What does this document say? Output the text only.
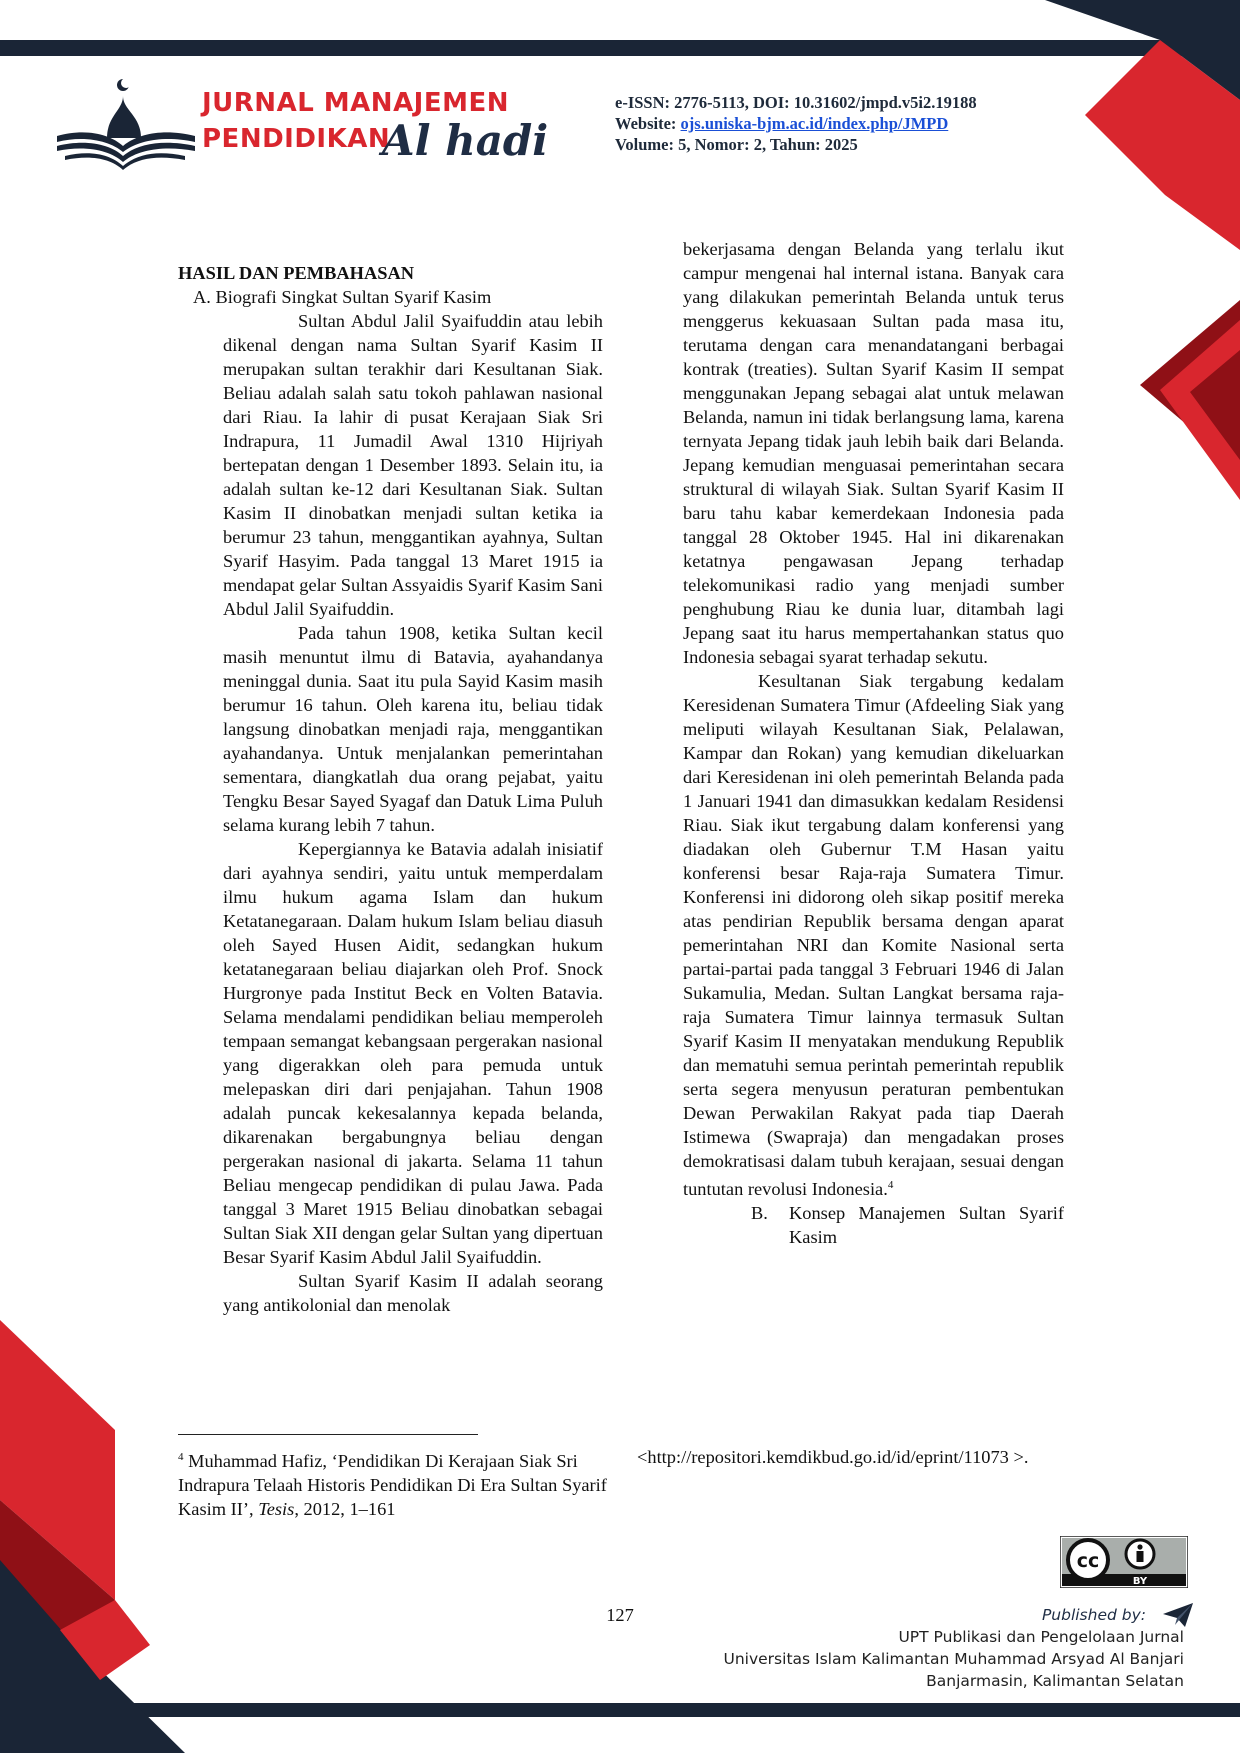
JURNAL MANAJEMEN
PENDIDIKAN
Al hadi
e-ISSN: 2776-5113, DOI: 10.31602/jmpd.v5i2.19188
Website: ojs.uniska-bjm.ac.id/index.php/JMPD
Volume: 5, Nomor: 2, Tahun: 2025

HASIL DAN PEMBAHASAN

A. Biografi Singkat Sultan Syarif Kasim

Sultan Abdul Jalil Syaifuddin atau lebih dikenal dengan nama Sultan Syarif Kasim II merupakan sultan terakhir dari Kesultanan Siak. Beliau adalah salah satu tokoh pahlawan nasional dari Riau. Ia lahir di pusat Kerajaan Siak Sri Indrapura, 11 Jumadil Awal 1310 Hijriyah bertepatan dengan 1 Desember 1893. Selain itu, ia adalah sultan ke-12 dari Kesultanan Siak. Sultan Kasim II dinobatkan menjadi sultan ketika ia berumur 23 tahun, menggantikan ayahnya, Sultan Syarif Hasyim. Pada tanggal 13 Maret 1915 ia mendapat gelar Sultan Assyaidis Syarif Kasim Sani Abdul Jalil Syaifuddin.

Pada tahun 1908, ketika Sultan kecil masih menuntut ilmu di Batavia, ayahandanya meninggal dunia. Saat itu pula Sayid Kasim masih berumur 16 tahun. Oleh karena itu, beliau tidak langsung dinobatkan menjadi raja, menggantikan ayahandanya. Untuk menjalankan pemerintahan sementara, diangkatlah dua orang pejabat, yaitu Tengku Besar Sayed Syagaf dan Datuk Lima Puluh selama kurang lebih 7 tahun.

Kepergiannya ke Batavia adalah inisiatif dari ayahnya sendiri, yaitu untuk memperdalam ilmu hukum agama Islam dan hukum Ketatanegaraan. Dalam hukum Islam beliau diasuh oleh Sayed Husen Aidit, sedangkan hukum ketatanegaraan beliau diajarkan oleh Prof. Snock Hurgronye pada Institut Beck en Volten Batavia. Selama mendalami pendidikan beliau memperoleh tempaan semangat kebangsaan pergerakan nasional yang digerakkan oleh para pemuda untuk melepaskan diri dari penjajahan. Tahun 1908 adalah puncak kekesalannya kepada belanda, dikarenakan bergabungnya beliau dengan pergerakan nasional di jakarta. Selama 11 tahun Beliau mengecap pendidikan di pulau Jawa. Pada tanggal 3 Maret 1915 Beliau dinobatkan sebagai Sultan Siak XII dengan gelar Sultan yang dipertuan Besar Syarif Kasim Abdul Jalil Syaifuddin.

Sultan Syarif Kasim II adalah seorang yang antikolonial dan menolak

bekerjasama dengan Belanda yang terlalu ikut campur mengenai hal internal istana. Banyak cara yang dilakukan pemerintah Belanda untuk terus menggerus kekuasaan Sultan pada masa itu, terutama dengan cara menandatangani berbagai kontrak (treaties). Sultan Syarif Kasim II sempat menggunakan Jepang sebagai alat untuk melawan Belanda, namun ini tidak berlangsung lama, karena ternyata Jepang tidak jauh lebih baik dari Belanda. Jepang kemudian menguasai pemerintahan secara struktural di wilayah Siak. Sultan Syarif Kasim II baru tahu kabar kemerdekaan Indonesia pada tanggal 28 Oktober 1945. Hal ini dikarenakan ketatnya pengawasan Jepang terhadap telekomunikasi radio yang menjadi sumber penghubung Riau ke dunia luar, ditambah lagi Jepang saat itu harus mempertahankan status quo Indonesia sebagai syarat terhadap sekutu.

Kesultanan Siak tergabung kedalam Keresidenan Sumatera Timur (Afdeeling Siak yang meliputi wilayah Kesultanan Siak, Pelalawan, Kampar dan Rokan) yang kemudian dikeluarkan dari Keresidenan ini oleh pemerintah Belanda pada 1 Januari 1941 dan dimasukkan kedalam Residensi Riau. Siak ikut tergabung dalam konferensi yang diadakan oleh Gubernur T.M Hasan yaitu konferensi besar Raja-raja Sumatera Timur. Konferensi ini didorong oleh sikap positif mereka atas pendirian Republik bersama dengan aparat pemerintahan NRI dan Komite Nasional serta partai-partai pada tanggal 3 Februari 1946 di Jalan Sukamulia, Medan. Sultan Langkat bersama raja-raja Sumatera Timur lainnya termasuk Sultan Syarif Kasim II menyatakan mendukung Republik dan mematuhi semua perintah pemerintah republik serta segera menyusun peraturan pembentukan Dewan Perwakilan Rakyat pada tiap Daerah Istimewa (Swapraja) dan mengadakan proses demokratisasi dalam tubuh kerajaan, sesuai dengan tuntutan revolusi Indonesia.$^4$

B.	Konsep Manajemen Sultan Syarif Kasim

$^4$ Muhammad Hafiz, ‘Pendidikan Di Kerajaan Siak Sri Indrapura Telaah Historis Pendidikan Di Era Sultan Syarif Kasim II’, Tesis, 2012, 1–161
<http://repositori.kemdikbud.go.id/id/eprint/11073 >.
127
cc
BY
Published by:
UPT Publikasi dan Pengelolaan Jurnal
Universitas Islam Kalimantan Muhammad Arsyad Al Banjari
Banjarmasin, Kalimantan Selatan
